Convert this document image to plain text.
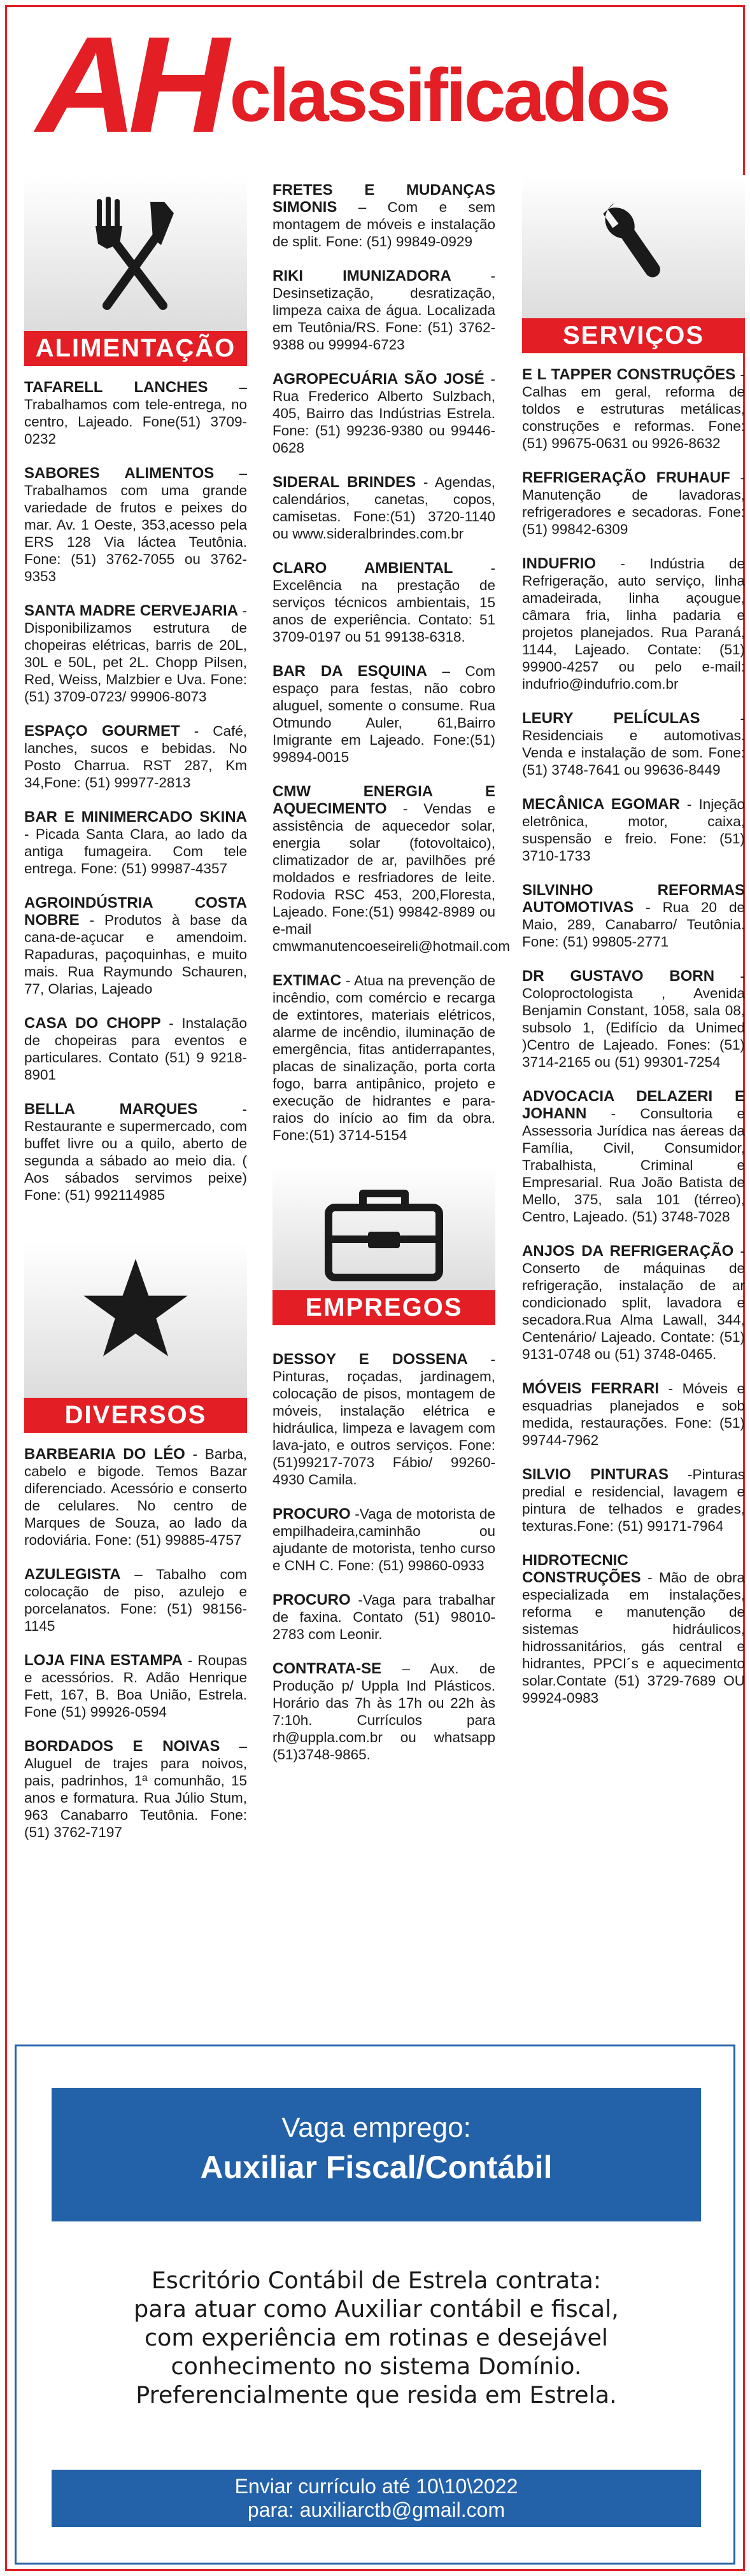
AH classificados
ALIMENTAÇÃO

TAFARELL LANCHES – Trabalhamos com tele-entrega, no centro, Lajeado. Fone(51) 3709-0232

SABORES ALIMENTOS – Trabalhamos com uma grande variedade de frutos e peixes do mar. Av. 1 Oeste, 353,acesso pela ERS 128 Via láctea Teutônia. Fone: (51) 3762-7055 ou 3762-9353

SANTA MADRE CERVEJARIA - Disponibilizamos estrutura de chopeiras elétricas, barris de 20L, 30L e 50L, pet 2L. Chopp Pilsen, Red, Weiss, Malzbier e Uva. Fone: (51) 3709-0723/ 99906-8073

ESPAÇO GOURMET - Café, lanches, sucos e bebidas. No Posto Charrua. RST 287, Km 34,Fone: (51) 99977-2813

BAR E MINIMERCADO SKINA - Picada Santa Clara, ao lado da antiga fumageira. Com tele entrega. Fone: (51) 99987-4357

AGROINDÚSTRIA COSTA NOBRE - Produtos à base da cana-de-açucar e amendoim. Rapaduras, paçoquinhas, e muito mais. Rua Raymundo Schauren, 77, Olarias, Lajeado

CASA DO CHOPP - Instalação de chopeiras para eventos e particulares. Contato (51) 9 9218-8901

BELLA MARQUES - Restaurante e supermercado, com buffet livre ou a quilo, aberto de segunda a sábado ao meio dia. ( Aos sábados servimos peixe) Fone: (51) 992114985

DIVERSOS

BARBEARIA DO LÉO - Barba, cabelo e bigode. Temos Bazar diferenciado. Acessório e conserto de celulares. No centro de Marques de Souza, ao lado da rodoviária. Fone: (51) 99885-4757

AZULEGISTA – Tabalho com colocação de piso, azulejo e porcelanatos. Fone: (51) 98156-1145

LOJA FINA ESTAMPA - Roupas e acessórios. R. Adão Henrique Fett, 167, B. Boa União, Estrela. Fone (51) 99926-0594

BORDADOS E NOIVAS – Aluguel de trajes para noivos, pais, padrinhos, 1ª comunhão, 15 anos e formatura. Rua Júlio Stum, 963 Canabarro Teutônia. Fone: (51) 3762-7197

FRETES E MUDANÇAS SIMONIS – Com e sem montagem de móveis e instalação de split. Fone: (51) 99849-0929

RIKI IMUNIZADORA - Desinsetização, desratização, limpeza caixa de água. Localizada em Teutônia/RS. Fone: (51) 3762-9388 ou 99994-6723

AGROPECUÁRIA SÃO JOSÉ - Rua Frederico Alberto Sulzbach, 405, Bairro das Indústrias Estrela. Fone: (51) 99236-9380 ou 99446-0628

SIDERAL BRINDES - Agendas, calendários, canetas, copos, camisetas. Fone:(51) 3720-1140 ou www.sideralbrindes.com.br

CLARO AMBIENTAL - Excelência na prestação de serviços técnicos ambientais, 15 anos de experiência. Contato: 51 3709-0197 ou 51 99138-6318.

BAR DA ESQUINA – Com espaço para festas, não cobro aluguel, somente o consume. Rua Otmundo Auler, 61,Bairro Imigrante em Lajeado. Fone:(51) 99894-0015

CMW ENERGIA E AQUECIMENTO - Vendas e assistência de aquecedor solar, energia solar (fotovoltaico), climatizador de ar, pavilhões pré moldados e resfriadores de leite. Rodovia RSC 453, 200,Floresta, Lajeado. Fone:(51) 99842-8989 ou e-mail cmwmanutencoeseireli@hotmail.com

EXTIMAC - Atua na prevenção de incêndio, com comércio e recarga de extintores, materiais elétricos, alarme de incêndio, iluminação de emergência, fitas antiderrapantes, placas de sinalização, porta corta fogo, barra antipânico, projeto e execução de hidrantes e para-raios do início ao fim da obra. Fone:(51) 3714-5154

EMPREGOS

DESSOY E DOSSENA -Pinturas, roçadas, jardinagem, colocação de pisos, montagem de móveis, instalação elétrica e hidráulica, limpeza e lavagem com lava-jato, e outros serviços. Fone: (51)99217-7073 Fábio/ 99260-4930 Camila.

PROCURO -Vaga de motorista de empilhadeira,caminhão ou ajudante de motorista, tenho curso e CNH C. Fone: (51) 99860-0933

PROCURO -Vaga para trabalhar de faxina. Contato (51) 98010-2783 com Leonir.

CONTRATA-SE – Aux. de Produção p/ Uppla Ind Plásticos. Horário das 7h às 17h ou 22h às 7:10h. Currículos para rh@uppla.com.br ou whatsapp (51)3748-9865.

SERVIÇOS

E L TAPPER CONSTRUÇÕES -Calhas em geral, reforma de toldos e estruturas metálicas, construções e reformas. Fone: (51) 99675-0631 ou 9926-8632

REFRIGERAÇÃO FRUHAUF - Manutenção de lavadoras, refrigeradores e secadoras. Fone:(51) 99842-6309

INDUFRIO - Indústria de Refrigeração, auto serviço, linha amadeirada, linha açougue, câmara fria, linha padaria e projetos planejados. Rua Paraná, 1144, Lajeado. Contate: (51) 99900-4257 ou pelo e-mail: indufrio@indufrio.com.br

LEURY PELÍCULAS - Residenciais e automotivas. Venda e instalação de som. Fone: (51) 3748-7641 ou 99636-8449

MECÂNICA EGOMAR - Injeção eletrônica, motor, caixa, suspensão e freio. Fone: (51) 3710-1733

SILVINHO REFORMAS AUTOMOTIVAS - Rua 20 de Maio, 289, Canabarro/ Teutônia. Fone: (51) 99805-2771

DR GUSTAVO BORN - Coloproctologista , Avenida Benjamin Constant, 1058, sala 08, subsolo 1, (Edifício da Unimed )Centro de Lajeado. Fones: (51) 3714-2165 ou (51) 99301-7254

ADVOCACIA DELAZERI E JOHANN - Consultoria e Assessoria Jurídica nas áereas da Família, Civil, Consumidor, Trabalhista, Criminal e Empresarial. Rua João Batista de Mello, 375, sala 101 (térreo), Centro, Lajeado. (51) 3748-7028

ANJOS DA REFRIGERAÇÃO -Conserto de máquinas de refrigeração, instalação de ar condicionado split, lavadora e secadora.Rua Alma Lawall, 344, Centenário/ Lajeado. Contate: (51) 9131-0748 ou (51) 3748-0465.

MÓVEIS FERRARI - Móveis e esquadrias planejados e sob medida, restaurações. Fone: (51) 99744-7962

SILVIO PINTURAS -Pinturas predial e residencial, lavagem e pintura de telhados e grades, texturas.Fone: (51) 99171-7964

HIDROTECNIC CONSTRUÇÕES - Mão de obra especializada em instalações, reforma e manutenção de sistemas hidráulicos, hidrossanitários, gás central e hidrantes, PPCI´s e aquecimento solar.Contate (51) 3729-7689 OU 99924-0983

Vaga emprego:
Auxiliar Fiscal/Contábil
Escritório Contábil de Estrela contrata:
para atuar como Auxiliar contábil e fiscal,
com experiência em rotinas e desejável
conhecimento no sistema Domínio.
Preferencialmente que resida em Estrela.
Enviar currículo até 10\10\2022
para: auxiliarctb@gmail.com
